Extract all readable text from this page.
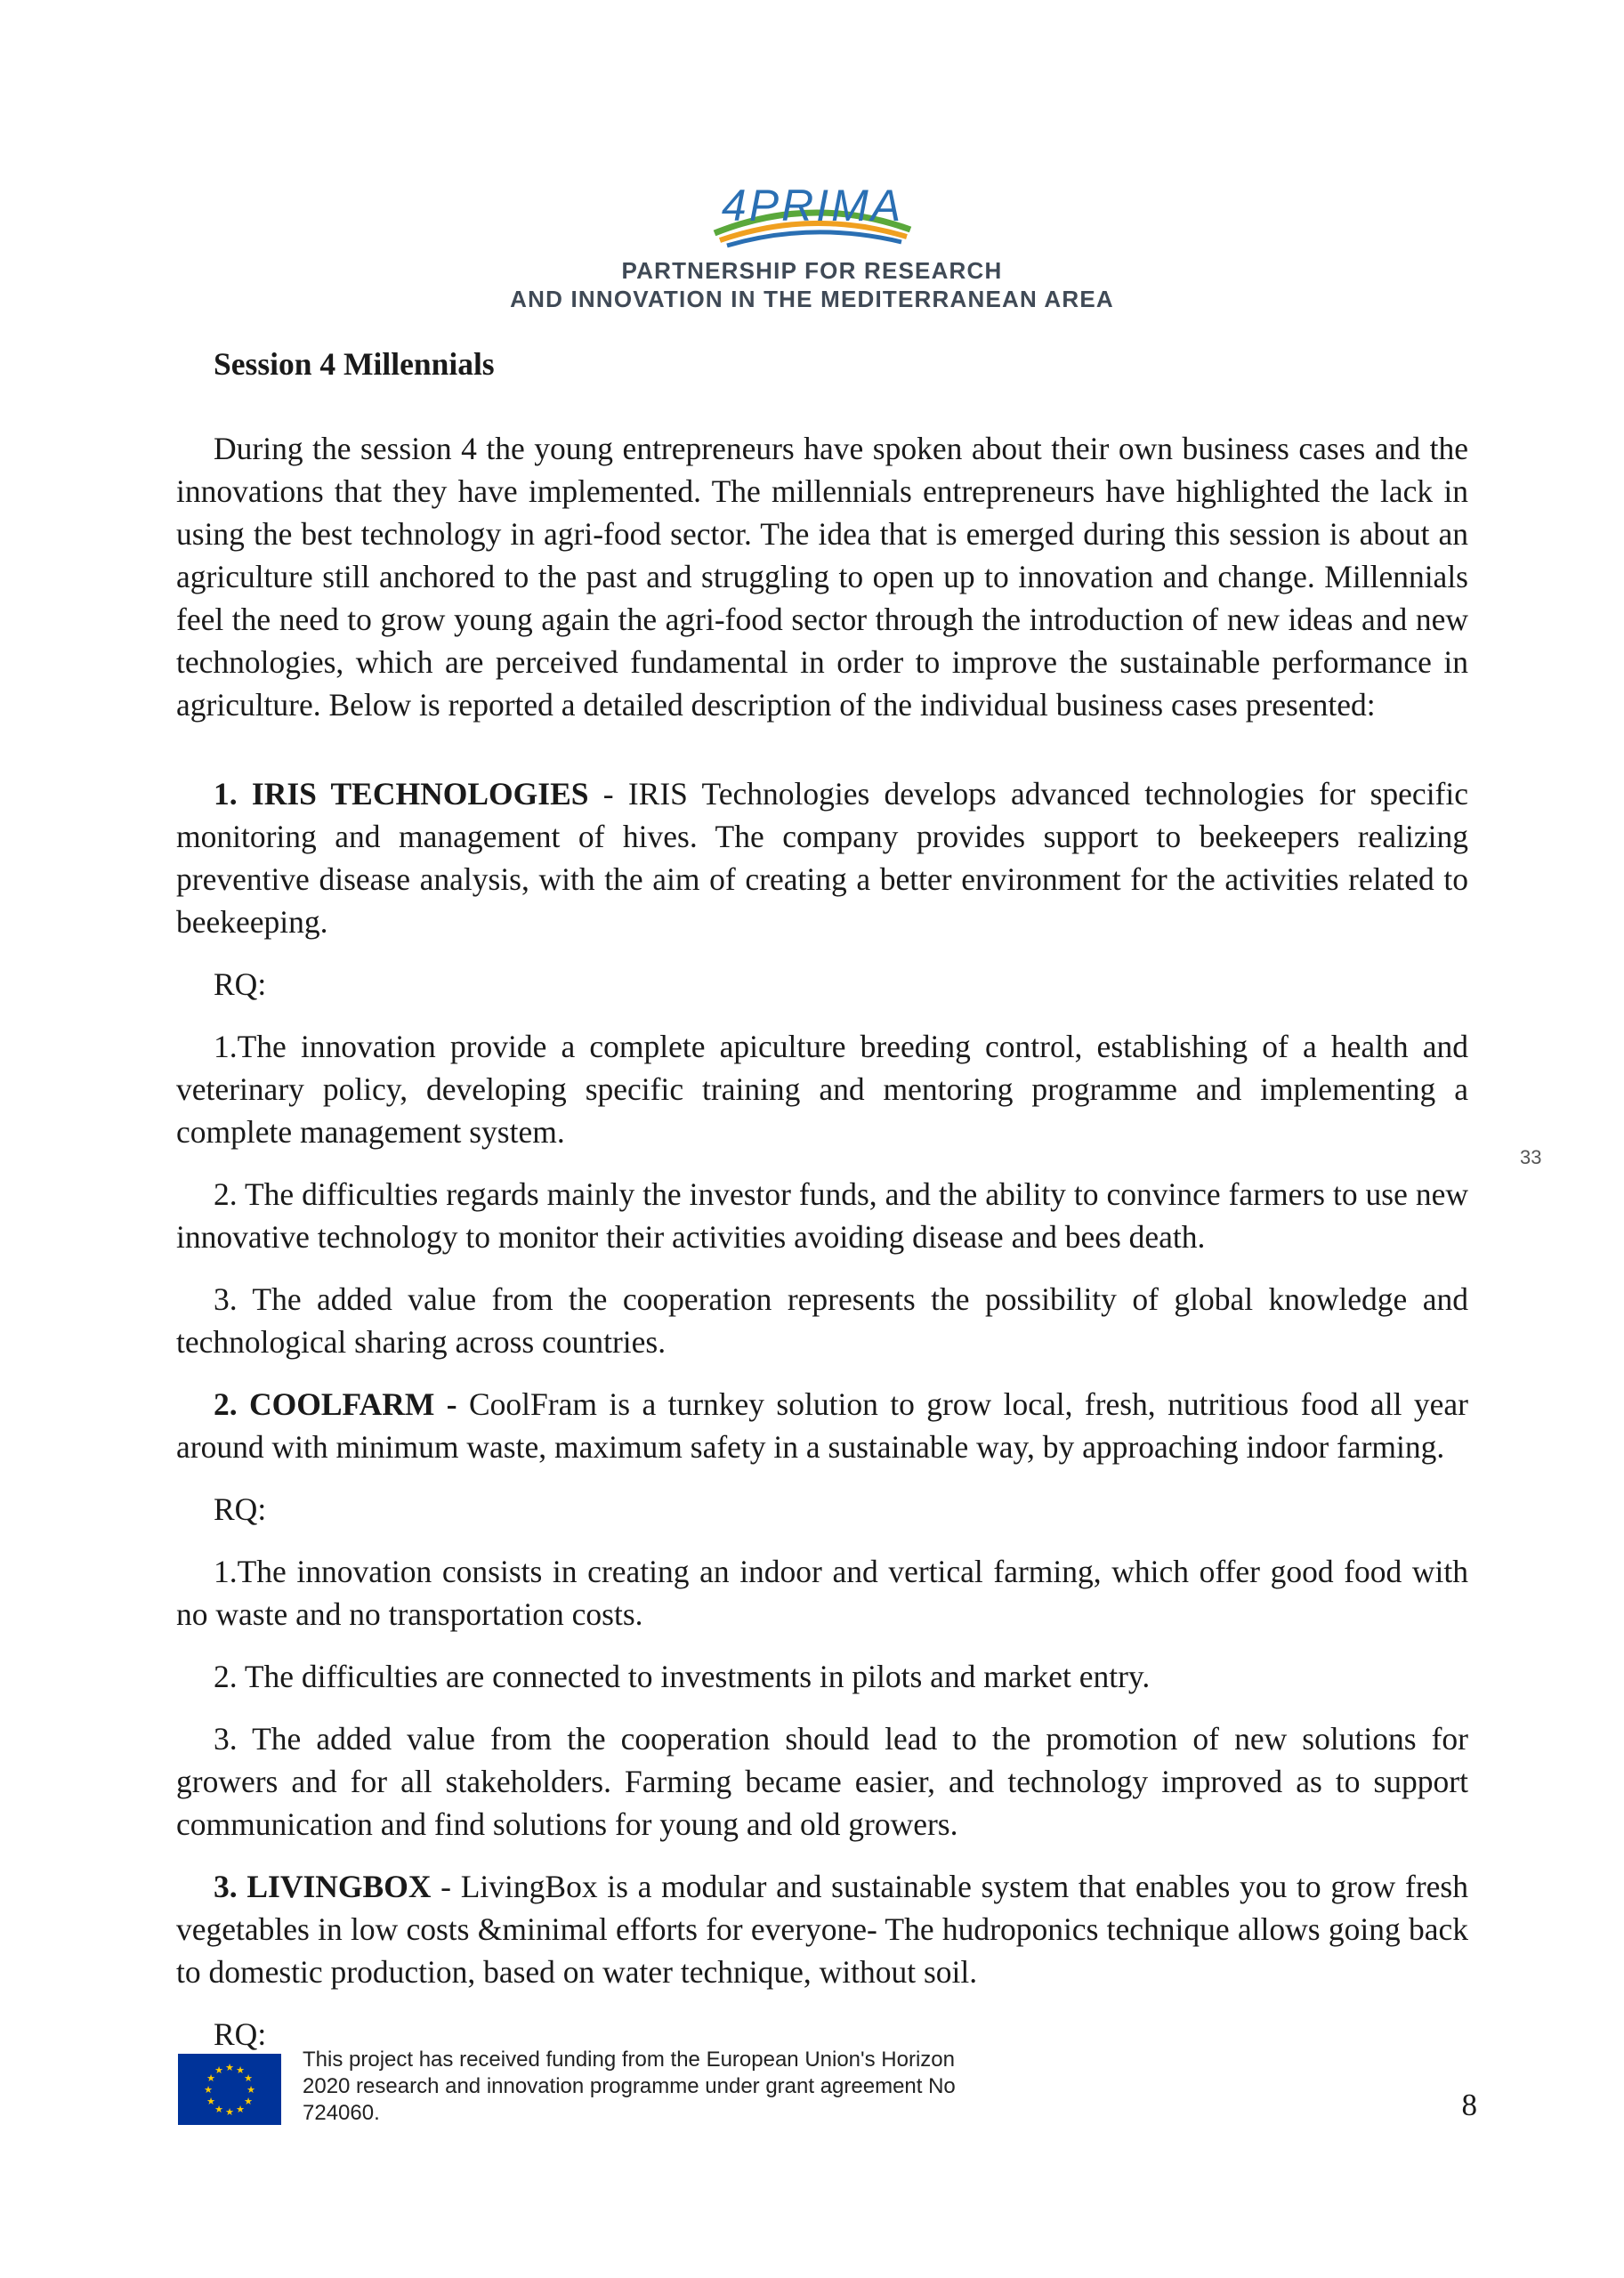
4PRIMA
PARTNERSHIP FOR RESEARCH
AND INNOVATION IN THE MEDITERRANEAN AREA
Session 4 Millennials

During the session 4 the young entrepreneurs have spoken about their own business cases and the innovations that they have implemented. The millennials entrepreneurs have highlighted the lack in using the best technology in agri-food sector. The idea that is emerged during this session is about an agriculture still anchored to the past and struggling to open up to innovation and change. Millennials feel the need to grow young again the agri-food sector through the introduction of new ideas and new technologies, which are perceived fundamental in order to improve the sustainable performance in agriculture. Below is reported a detailed description of the individual business cases presented:

1. IRIS TECHNOLOGIES - IRIS Technologies develops advanced technologies for specific monitoring and management of hives. The company provides support to beekeepers realizing preventive disease analysis, with the aim of creating a better environment for the activities related to beekeeping.

RQ:

1.The innovation provide a complete apiculture breeding control, establishing of a health and veterinary policy, developing specific training and mentoring programme and implementing a complete management system.

2. The difficulties regards mainly the investor funds, and the ability to convince farmers to use new innovative technology to monitor their activities avoiding disease and bees death.

3. The added value from the cooperation represents the possibility of global knowledge and technological sharing across countries.

2. COOLFARM - CoolFram is a turnkey solution to grow local, fresh, nutritious food all year around with minimum waste, maximum safety in a sustainable way, by approaching indoor farming.

RQ:

1.The innovation consists in creating an indoor and vertical farming, which offer good food with no waste and no transportation costs.

2. The difficulties are connected to investments in pilots and market entry.

3. The added value from the cooperation should lead to the promotion of new solutions for growers and for all stakeholders. Farming became easier, and technology improved as to support communication and find solutions for young and old growers.

3. LIVINGBOX - LivingBox is a modular and sustainable system that enables you to grow fresh vegetables in low costs &minimal efforts for everyone- The hudroponics technique allows going back to domestic production, based on water technique, without soil.

RQ:
33
★ ★
★
★
★
★
★
★
★
★
★
★	This project has received funding from the European Union's Horizon 2020 research and innovation programme under grant agreement No 724060.	8
